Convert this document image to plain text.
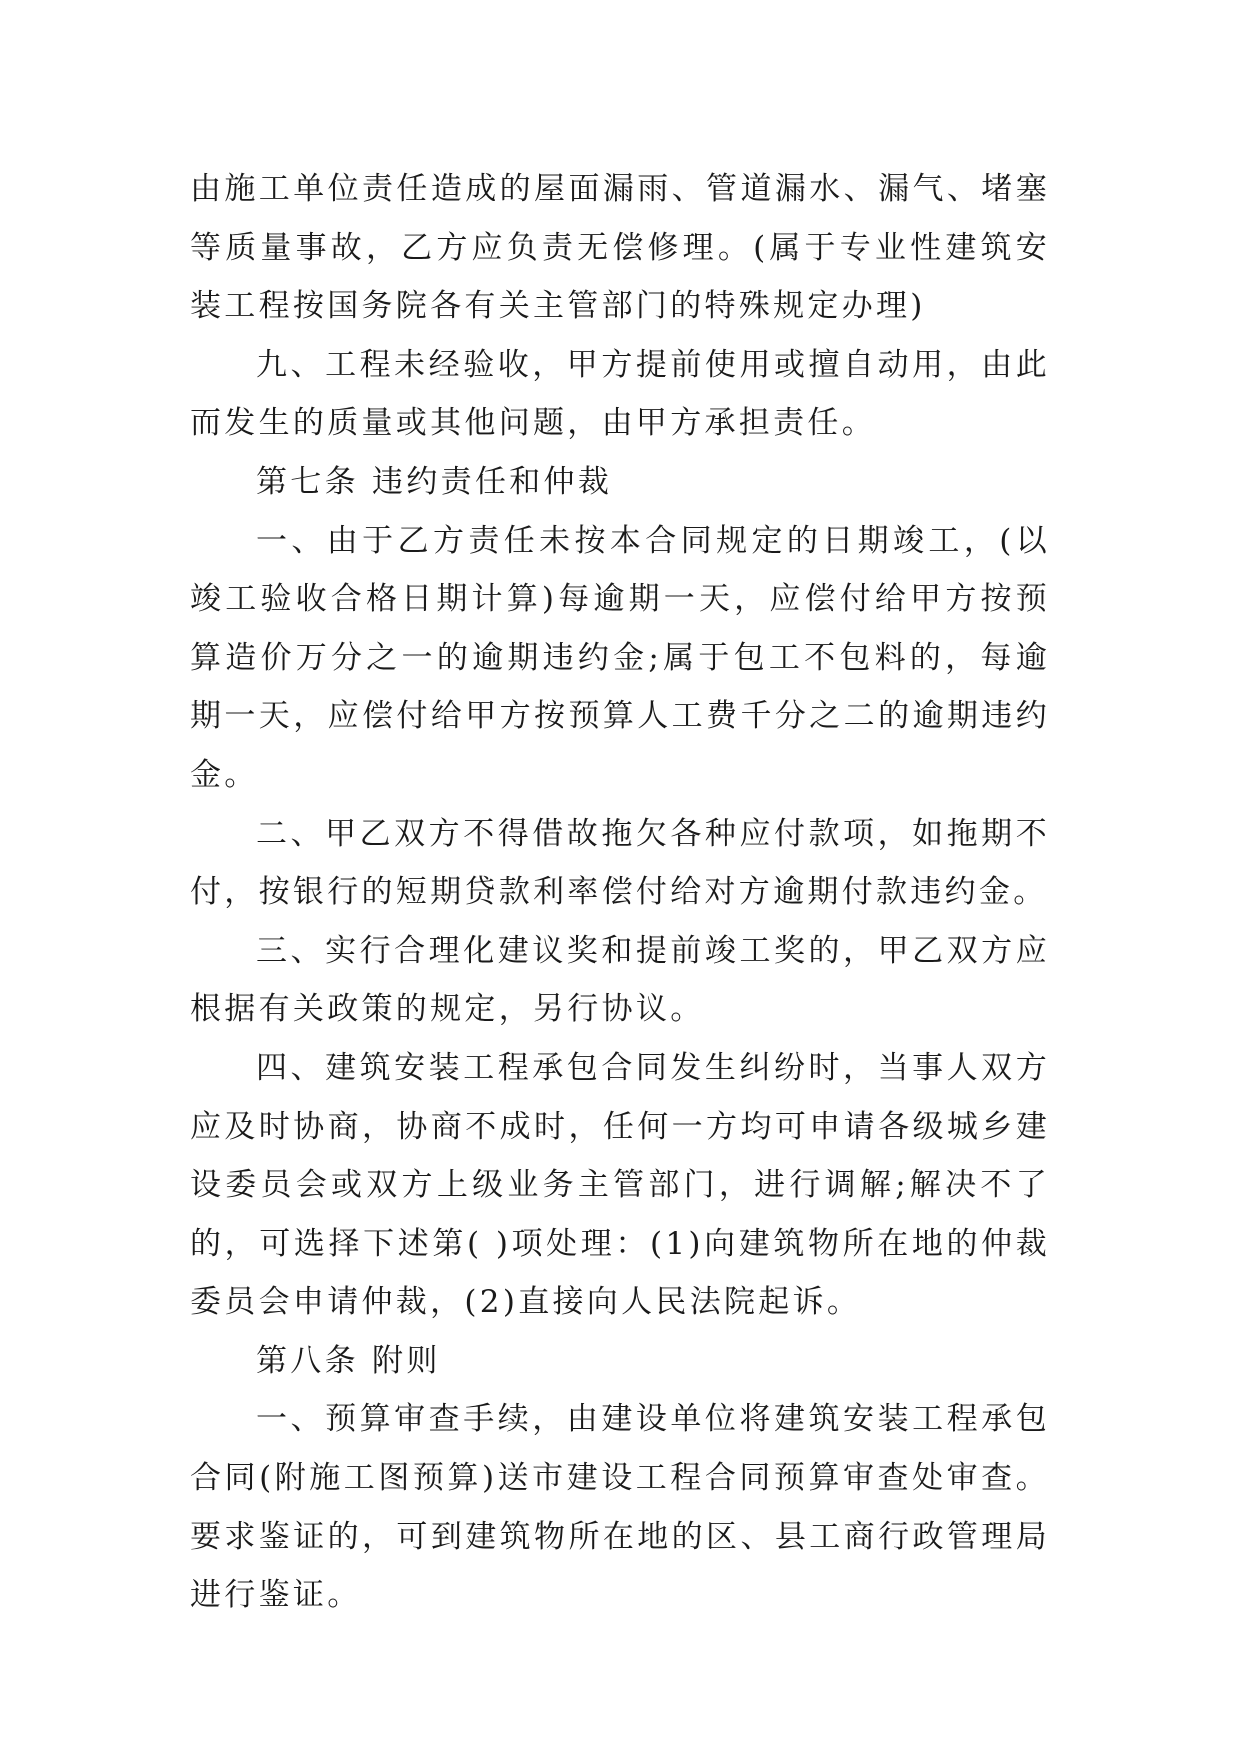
由施工单位责任造成的屋面漏雨、管道漏水、漏气、堵塞等质量事故，乙方应负责无偿修理。(属于专业性建筑安装工程按国务院各有关主管部门的特殊规定办理)

九、工程未经验收，甲方提前使用或擅自动用，由此而发生的质量或其他问题，由甲方承担责任。

第七条 违约责任和仲裁

一、由于乙方责任未按本合同规定的日期竣工，(以竣工验收合格日期计算)每逾期一天，应偿付给甲方按预算造价万分之一的逾期违约金;属于包工不包料的，每逾期一天，应偿付给甲方按预算人工费千分之二的逾期违约金。

二、甲乙双方不得借故拖欠各种应付款项，如拖期不付，按银行的短期贷款利率偿付给对方逾期付款违约金。

三、实行合理化建议奖和提前竣工奖的，甲乙双方应根据有关政策的规定，另行协议。

四、建筑安装工程承包合同发生纠纷时，当事人双方应及时协商，协商不成时，任何一方均可申请各级城乡建设委员会或双方上级业务主管部门，进行调解;解决不了的，可选择下述第( )项处理：(1)向建筑物所在地的仲裁委员会申请仲裁，(2)直接向人民法院起诉。

第八条 附则

一、预算审查手续，由建设单位将建筑安装工程承包合同(附施工图预算)送市建设工程合同预算审查处审查。要求鉴证的，可到建筑物所在地的区、县工商行政管理局进行鉴证。
